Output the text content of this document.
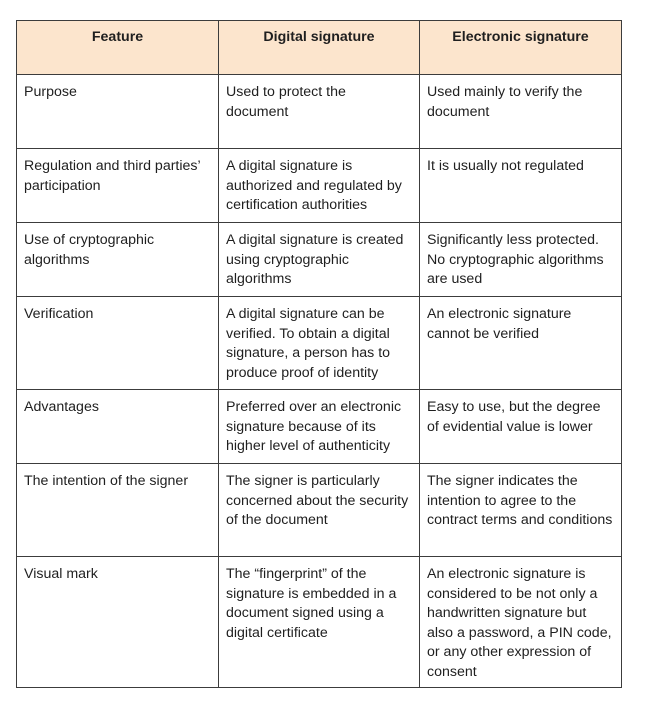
Feature	Digital signature	Electronic signature
Purpose	Used to protect the document	Used mainly to verify the document
Regulation and third parties’ participation	A digital signature is authorized and regulated by certification authorities	It is usually not regulated
Use of cryptographic algorithms	A digital signature is created using cryptographic algorithms	Significantly less protected. No cryptographic algorithms are used
Verification	A digital signature can be verified. To obtain a digital signature, a person has to produce proof of identity	An electronic signature cannot be verified
Advantages	Preferred over an electronic signature because of its higher level of authenticity	Easy to use, but the degree of evidential value is lower
The intention of the signer	The signer is particularly concerned about the security of the document	The signer indicates the intention to agree to the contract terms and conditions
Visual mark	The “fingerprint” of the signature is embedded in a document signed using a digital certificate	An electronic signature is considered to be not only a handwritten signature but also a password, a PIN code, or any other expression of consent
